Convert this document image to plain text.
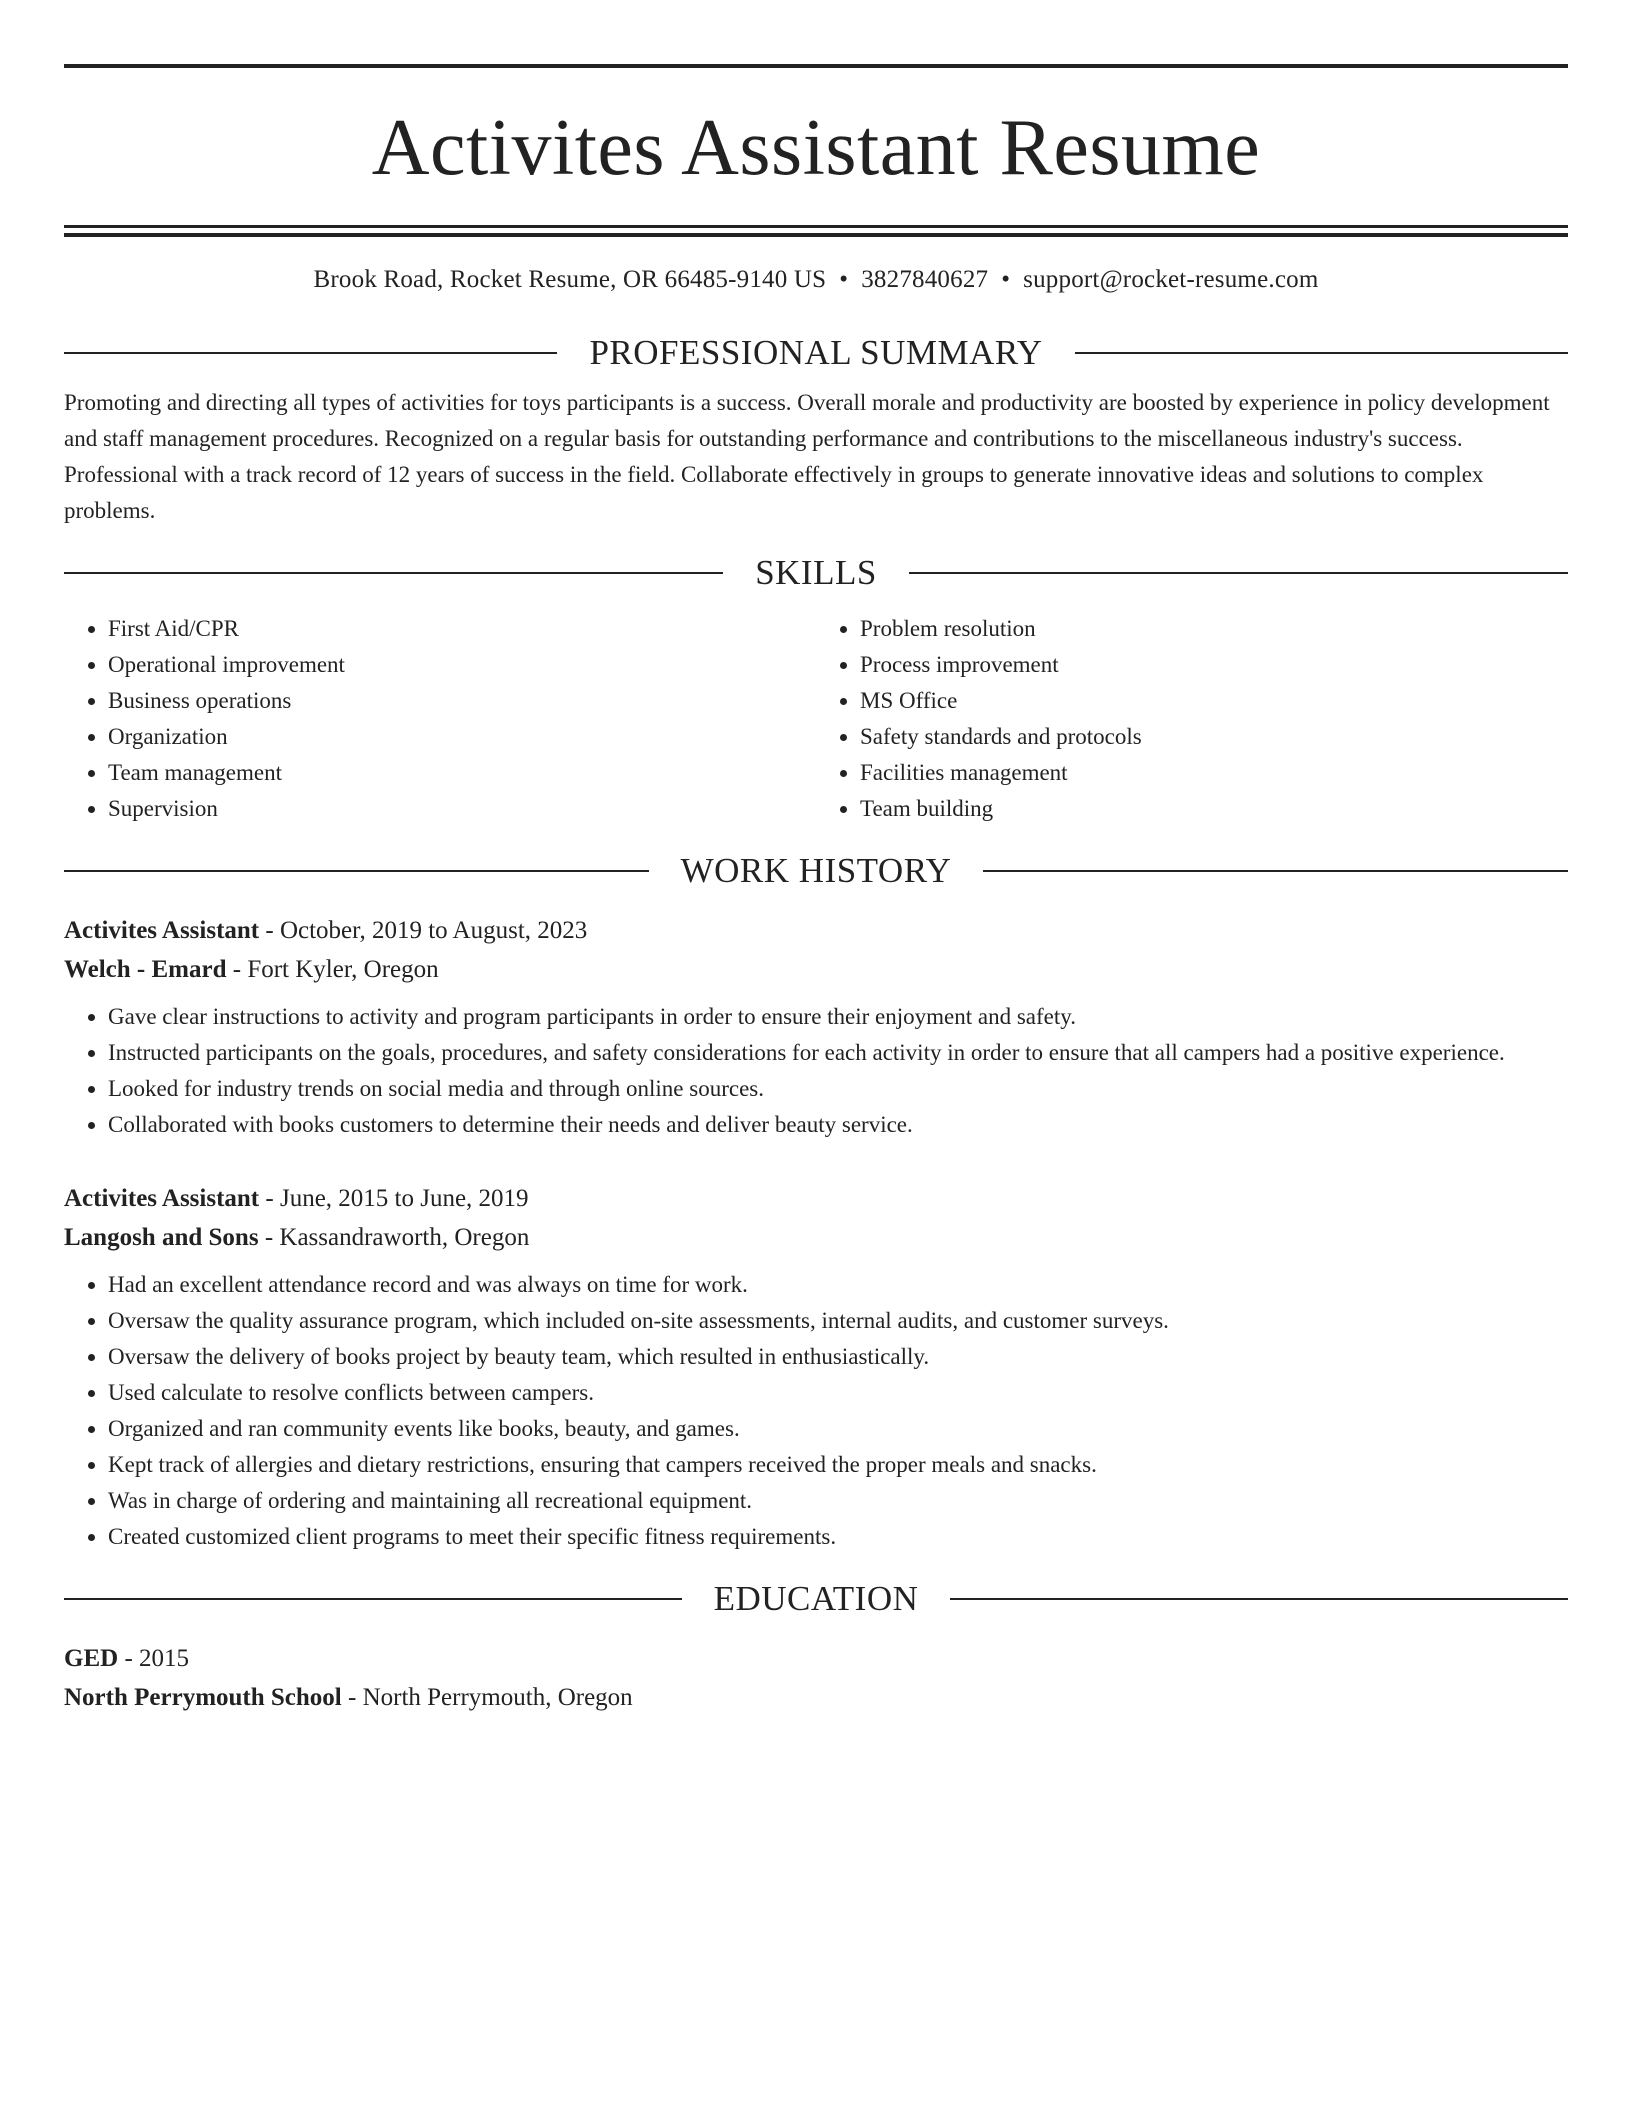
Activites Assistant Resume
Brook Road, Rocket Resume, OR 66485-9140 US • 3827840627 • support@rocket-resume.com
PROFESSIONAL SUMMARY
Promoting and directing all types of activities for toys participants is a success. Overall morale and productivity are boosted by experience in policy development and staff management procedures. Recognized on a regular basis for outstanding performance and contributions to the miscellaneous industry's success. Professional with a track record of 12 years of success in the field. Collaborate effectively in groups to generate innovative ideas and solutions to complex problems.
SKILLS
• First Aid/CPR
• Operational improvement
• Business operations
• Organization
• Team management
• Supervision
• Problem resolution
• Process improvement
• MS Office
• Safety standards and protocols
• Facilities management
• Team building
WORK HISTORY
Activites Assistant - October, 2019 to August, 2023
Welch - Emard - Fort Kyler, Oregon
• Gave clear instructions to activity and program participants in order to ensure their enjoyment and safety.
• Instructed participants on the goals, procedures, and safety considerations for each activity in order to ensure that all campers had a positive experience.
• Looked for industry trends on social media and through online sources.
• Collaborated with books customers to determine their needs and deliver beauty service.
Activites Assistant - June, 2015 to June, 2019
Langosh and Sons - Kassandraworth, Oregon
• Had an excellent attendance record and was always on time for work.
• Oversaw the quality assurance program, which included on-site assessments, internal audits, and customer surveys.
• Oversaw the delivery of books project by beauty team, which resulted in enthusiastically.
• Used calculate to resolve conflicts between campers.
• Organized and ran community events like books, beauty, and games.
• Kept track of allergies and dietary restrictions, ensuring that campers received the proper meals and snacks.
• Was in charge of ordering and maintaining all recreational equipment.
• Created customized client programs to meet their specific fitness requirements.
EDUCATION
GED - 2015
North Perrymouth School - North Perrymouth, Oregon
